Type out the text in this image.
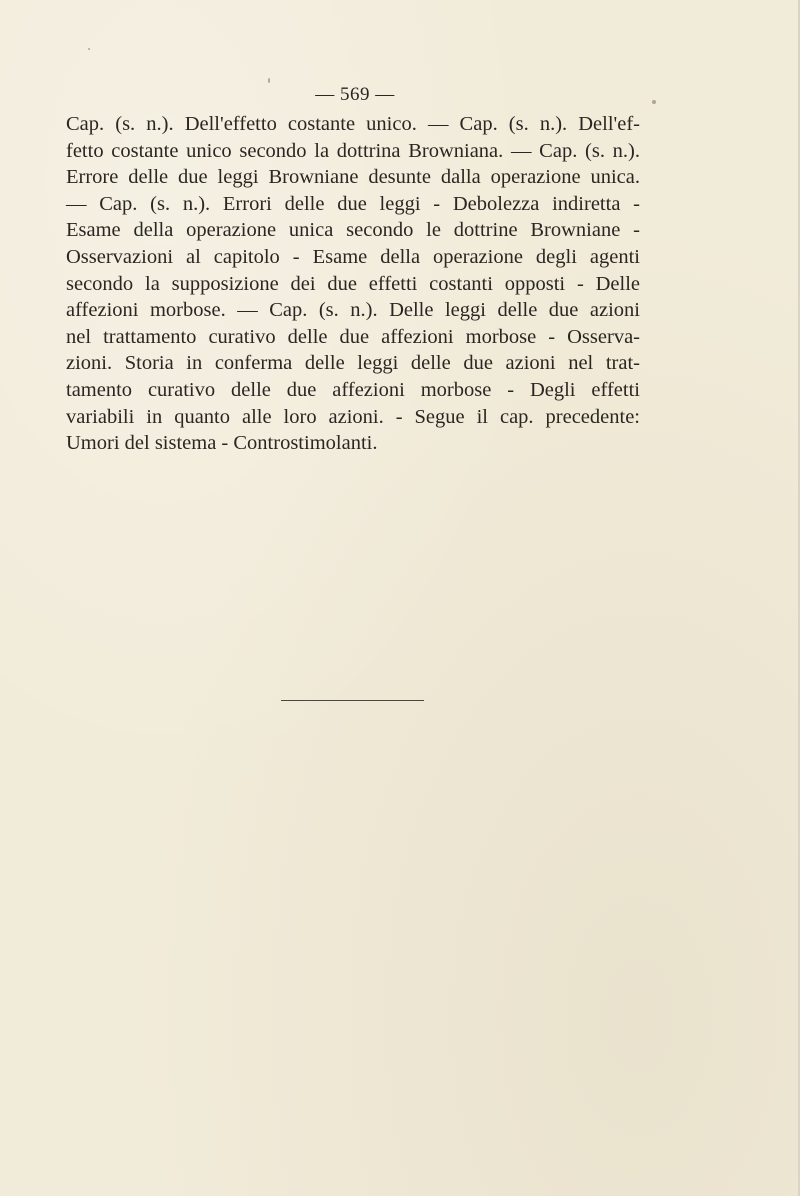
— 569 —
Cap. (s. n.). Dell'effetto costante unico. — Cap. (s. n.). Dell'ef-
fetto costante unico secondo la dottrina Browniana. — Cap. (s. n.).
Errore delle due leggi Browniane desunte dalla operazione unica.
— Cap. (s. n.). Errori delle due leggi - Debolezza indiretta -
Esame della operazione unica secondo le dottrine Browniane -
Osservazioni al capitolo - Esame della operazione degli agenti
secondo la supposizione dei due effetti costanti opposti - Delle
affezioni morbose. — Cap. (s. n.). Delle leggi delle due azioni
nel trattamento curativo delle due affezioni morbose - Osserva-
zioni. Storia in conferma delle leggi delle due azioni nel trat-
tamento curativo delle due affezioni morbose - Degli effetti
variabili in quanto alle loro azioni. - Segue il cap. precedente:
Umori del sistema - Controstimolanti.
